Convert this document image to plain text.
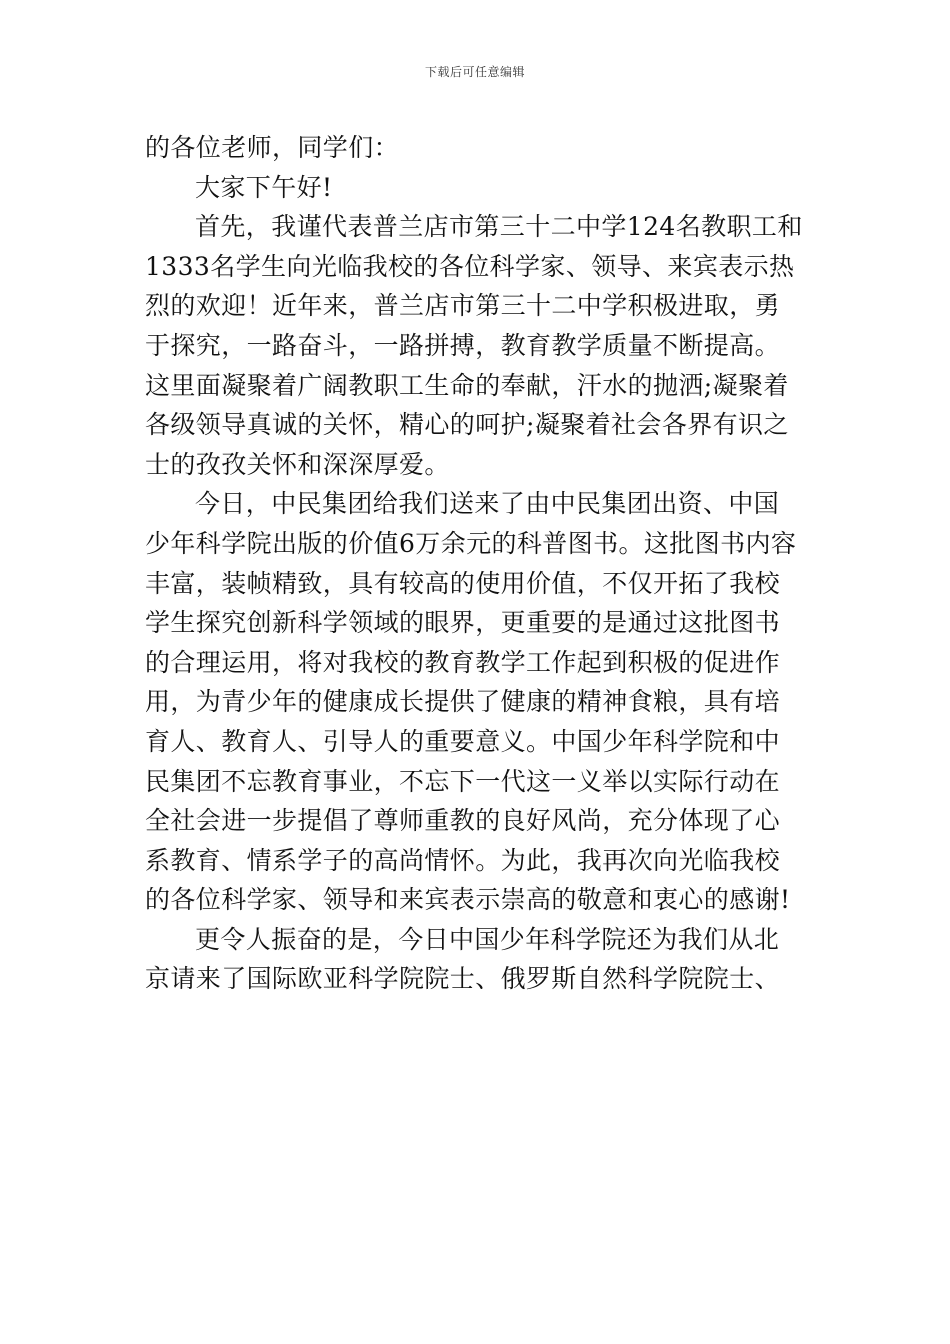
下载后可任意编辑
的各位老师，同学们：
大家下午好!
首先，我谨代表普兰店市第三十二中学124名教职工和
1333名学生向光临我校的各位科学家、领导、来宾表示热
烈的欢迎！近年来，普兰店市第三十二中学积极进取，勇
于探究，一路奋斗，一路拼搏，教育教学质量不断提高。
这里面凝聚着广阔教职工生命的奉献，汗水的抛洒;凝聚着
各级领导真诚的关怀，精心的呵护;凝聚着社会各界有识之
士的孜孜关怀和深深厚爱。
今日，中民集团给我们送来了由中民集团出资、中国
少年科学院出版的价值6万余元的科普图书。这批图书内容
丰富，装帧精致，具有较高的使用价值，不仅开拓了我校
学生探究创新科学领域的眼界，更重要的是通过这批图书
的合理运用，将对我校的教育教学工作起到积极的促进作
用，为青少年的健康成长提供了健康的精神食粮，具有培
育人、教育人、引导人的重要意义。中国少年科学院和中
民集团不忘教育事业，不忘下一代这一义举以实际行动在
全社会进一步提倡了尊师重教的良好风尚，充分体现了心
系教育、情系学子的高尚情怀。为此，我再次向光临我校
的各位科学家、领导和来宾表示崇高的敬意和衷心的感谢!
更令人振奋的是，今日中国少年科学院还为我们从北
京请来了国际欧亚科学院院士、俄罗斯自然科学院院士、
